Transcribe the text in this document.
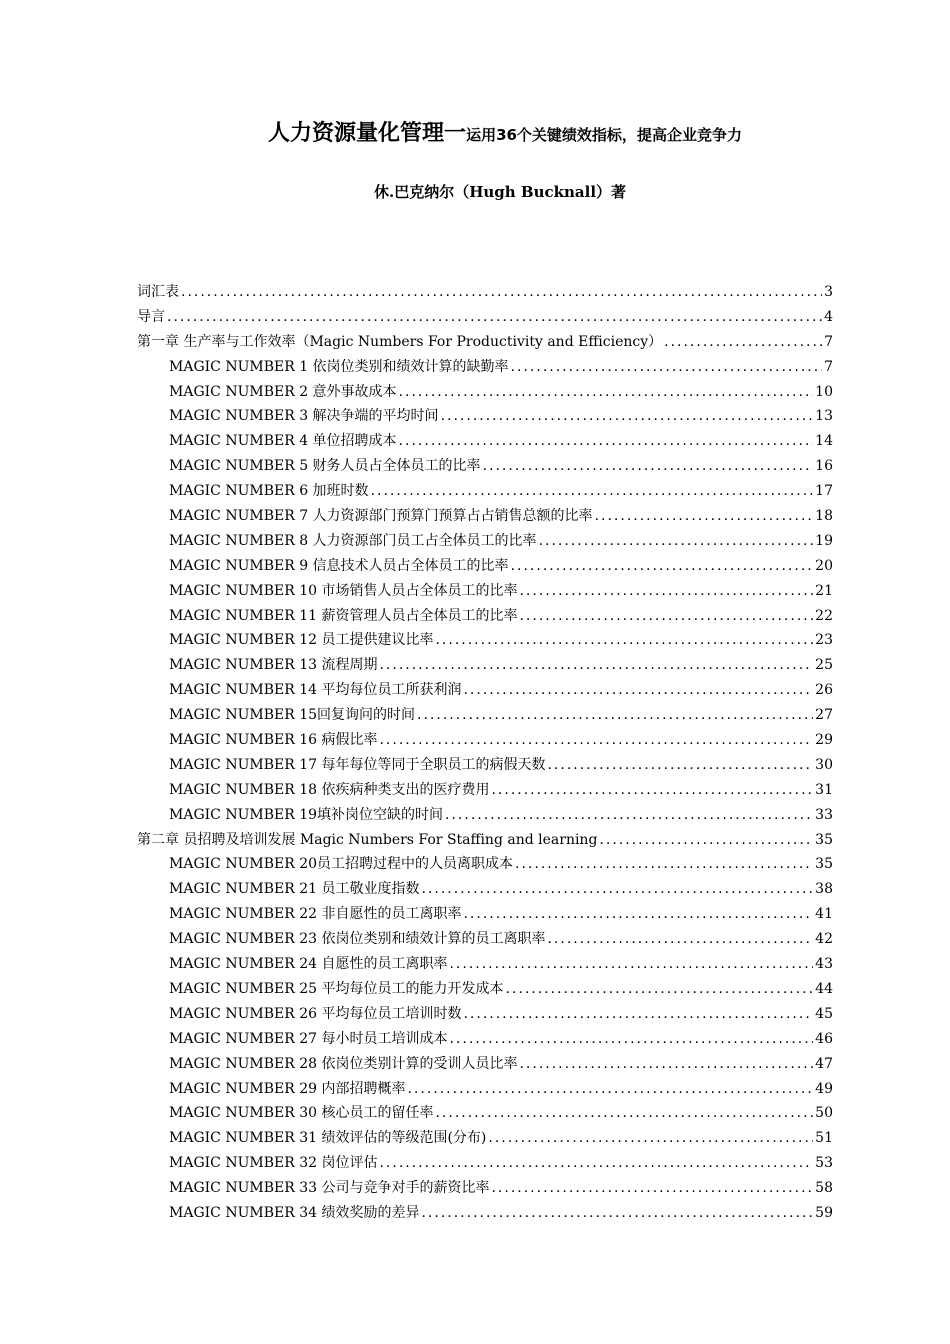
人力资源量化管理一运用36个关键绩效指标，提高企业竞争力
休.巴克纳尔（Hugh Bucknall）著
词汇表 .....	3
导言 .....	4
第一章 生产率与工作效率（Magic Numbers For Productivity and Efficiency） .....	7
MAGIC NUMBER 1 依岗位类别和绩效计算的缺勤率 .....	7
MAGIC NUMBER 2 意外事故成本 .....	10
MAGIC NUMBER 3 解决争端的平均时间 .....	13
MAGIC NUMBER 4 单位招聘成本 .....	14
MAGIC NUMBER 5 财务人员占全体员工的比率 .....	16
MAGIC NUMBER 6 加班时数 .....	17
MAGIC NUMBER 7 人力资源部门预算门预算占占销售总额的比率 .....	18
MAGIC NUMBER 8 人力资源部门员工占全体员工的比率 .....	19
MAGIC NUMBER 9 信息技术人员占全体员工的比率 .....	20
MAGIC NUMBER 10 市场销售人员占全体员工的比率 .....	21
MAGIC NUMBER 11 薪资管理人员占全体员工的比率 .....	22
MAGIC NUMBER 12 员工提供建议比率 .....	23
MAGIC NUMBER 13 流程周期 .....	25
MAGIC NUMBER 14 平均每位员工所获利润 .....	26
MAGIC NUMBER 15回复询问的时间 .....	27
MAGIC NUMBER 16 病假比率 .....	29
MAGIC NUMBER 17 每年每位等同于全职员工的病假天数 .....	30
MAGIC NUMBER 18 依疾病种类支出的医疗费用 .....	31
MAGIC NUMBER 19填补岗位空缺的时间 .....	33
第二章 员招聘及培训发展 Magic Numbers For Staffing and learning .....	35
MAGIC NUMBER 20员工招聘过程中的人员离职成本 .....	35
MAGIC NUMBER 21 员工敬业度指数 .....	38
MAGIC NUMBER 22 非自愿性的员工离职率 .....	41
MAGIC NUMBER 23 依岗位类别和绩效计算的员工离职率 .....	42
MAGIC NUMBER 24 自愿性的员工离职率 .....	43
MAGIC NUMBER 25 平均每位员工的能力开发成本 .....	44
MAGIC NUMBER 26 平均每位员工培训时数 .....	45
MAGIC NUMBER 27 每小时员工培训成本 .....	46
MAGIC NUMBER 28 依岗位类别计算的受训人员比率 .....	47
MAGIC NUMBER 29 内部招聘概率 .....	49
MAGIC NUMBER 30 核心员工的留任率 .....	50
MAGIC NUMBER 31 绩效评估的等级范围(分布) .....	51
MAGIC NUMBER 32 岗位评估 .....	53
MAGIC NUMBER 33 公司与竞争对手的薪资比率 .....	58
MAGIC NUMBER 34 绩效奖励的差异 .....	59
